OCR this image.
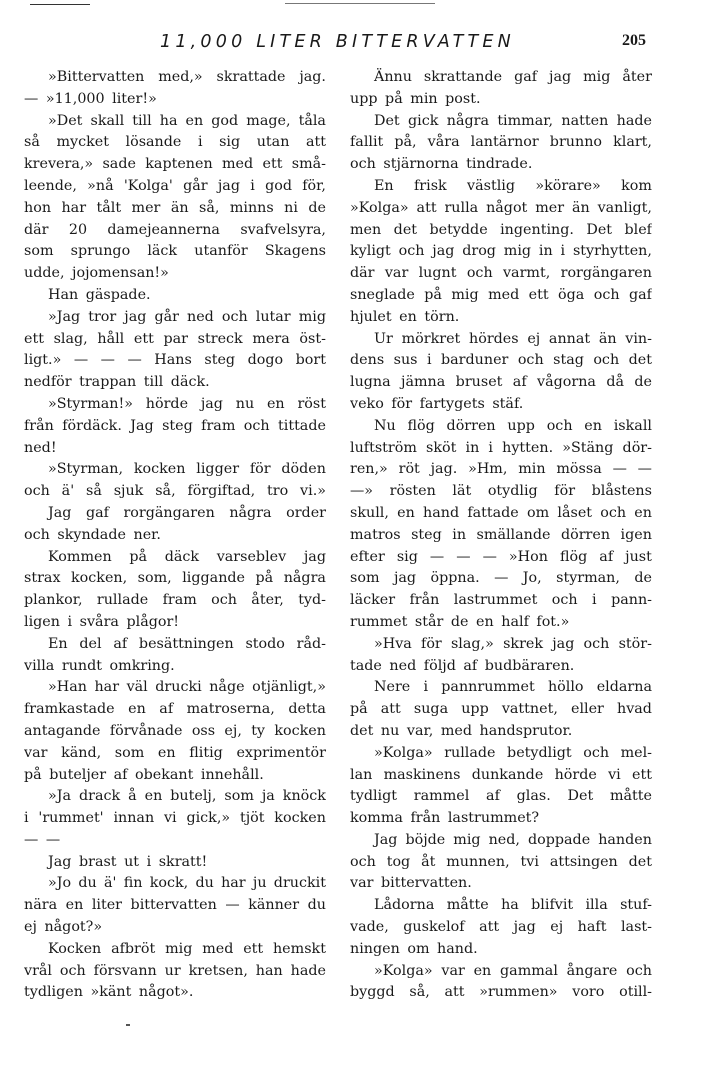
11,000 LITER BITTERVATTEN	205
»Bittervatten med,» skrattade jag.
— »11,000 liter!»
»Det skall till ha en god mage, tåla
så mycket lösande i sig utan att
krevera,» sade kaptenen med ett små-
leende, »nå 'Kolga' går jag i god för,
hon har tålt mer än så, minns ni de
där 20 damejeannerna svafvelsyra,
som sprungo läck utanför Skagens
udde, jojomensan!»
Han gäspade.
»Jag tror jag går ned och lutar mig
ett slag, håll ett par streck mera öst-
ligt.» — — — Hans steg dogo bort
nedför trappan till däck.
»Styrman!» hörde jag nu en röst
från fördäck. Jag steg fram och tittade
ned!
»Styrman, kocken ligger för döden
och ä' så sjuk så, förgiftad, tro vi.»
Jag gaf rorgängaren några order
och skyndade ner.
Kommen på däck varseblev jag
strax kocken, som, liggande på några
plankor, rullade fram och åter, tyd-
ligen i svåra plågor!
En del af besättningen stodo råd-
villa rundt omkring.
»Han har väl drucki någe otjänligt,»
framkastade en af matroserna, detta
antagande förvånade oss ej, ty kocken
var känd, som en flitig exprimentör
på buteljer af obekant innehåll.
»Ja drack å en butelj, som ja knöck
i 'rummet' innan vi gick,» tjöt kocken
— —
Jag brast ut i skratt!
»Jo du ä' fin kock, du har ju druckit
nära en liter bittervatten — känner du
ej något?»
Kocken afbröt mig med ett hemskt
vrål och försvann ur kretsen, han hade
tydligen »känt något».
Ännu skrattande gaf jag mig åter
upp på min post.
Det gick några timmar, natten hade
fallit på, våra lantärnor brunno klart,
och stjärnorna tindrade.
En frisk västlig »körare» kom
»Kolga» att rulla något mer än vanligt,
men det betydde ingenting. Det blef
kyligt och jag drog mig in i styrhytten,
där var lugnt och varmt, rorgängaren
sneglade på mig med ett öga och gaf
hjulet en törn.
Ur mörkret hördes ej annat än vin-
dens sus i barduner och stag och det
lugna jämna bruset af vågorna då de
veko för fartygets stäf.
Nu flög dörren upp och en iskall
luftström sköt in i hytten. »Stäng dör-
ren,» röt jag. »Hm, min mössa — —
—» rösten lät otydlig för blåstens
skull, en hand fattade om låset och en
matros steg in smällande dörren igen
efter sig — — — »Hon flög af just
som jag öppna. — Jo, styrman, de
läcker från lastrummet och i pann-
rummet står de en half fot.»
»Hva för slag,» skrek jag och stör-
tade ned följd af budbäraren.
Nere i pannrummet höllo eldarna
på att suga upp vattnet, eller hvad
det nu var, med handsprutor.
»Kolga» rullade betydligt och mel-
lan maskinens dunkande hörde vi ett
tydligt rammel af glas. Det måtte
komma från lastrummet?
Jag böjde mig ned, doppade handen
och tog åt munnen, tvi attsingen det
var bittervatten.
Lådorna måtte ha blifvit illa stuf-
vade, guskelof att jag ej haft last-
ningen om hand.
»Kolga» var en gammal ångare och
byggd så, att »rummen» voro otill-
